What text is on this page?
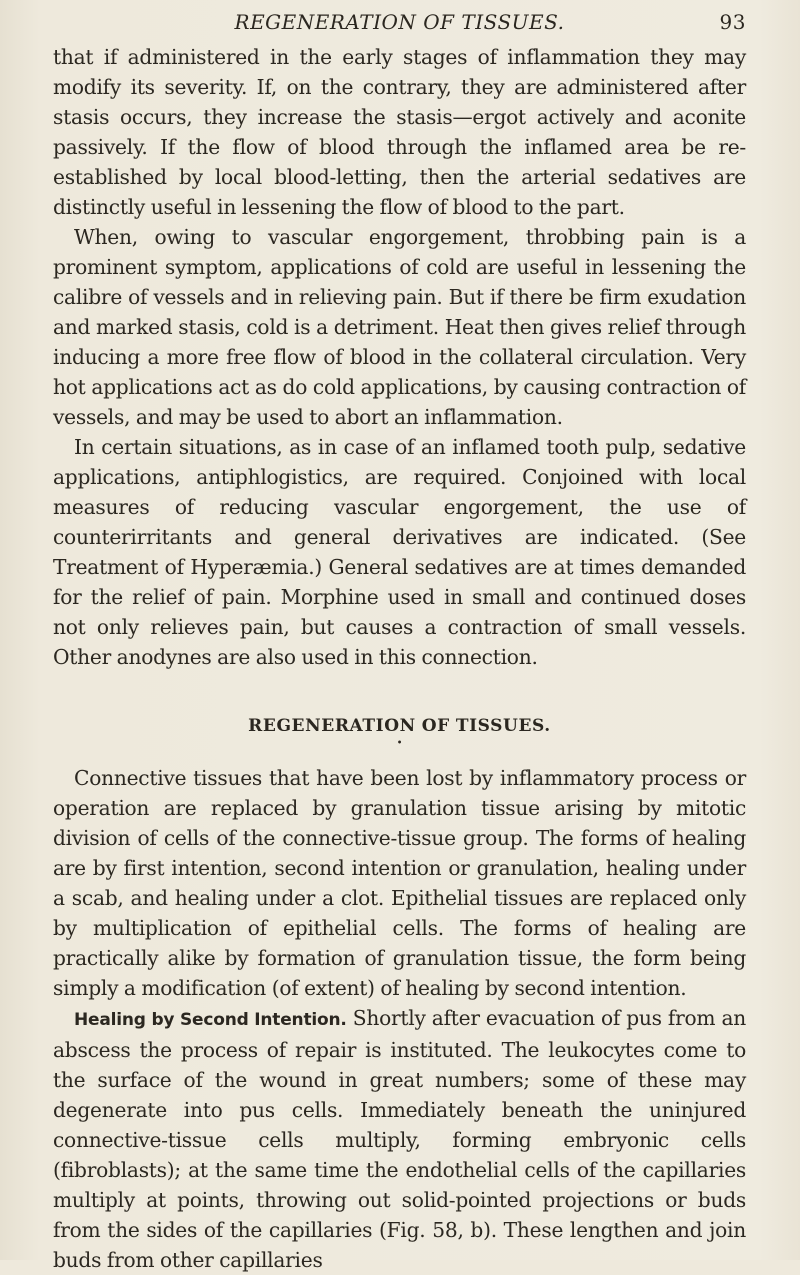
REGENERATION OF TISSUES.	93

that if administered in the early stages of inflammation they may modify its severity. If, on the contrary, they are administered after stasis occurs, they increase the stasis—ergot actively and aconite passively. If the flow of blood through the inflamed area be re-established by local blood-letting, then the arterial sedatives are distinctly useful in lessening the flow of blood to the part.

When, owing to vascular engorgement, throbbing pain is a prominent symptom, applications of cold are useful in lessening the calibre of vessels and in relieving pain. But if there be firm exudation and marked stasis, cold is a detriment. Heat then gives relief through inducing a more free flow of blood in the collateral circulation. Very hot applications act as do cold applications, by causing contraction of vessels, and may be used to abort an inflammation.

In certain situations, as in case of an inflamed tooth pulp, sedative applications, antiphlogistics, are required. Conjoined with local measures of reducing vascular engorgement, the use of counterirritants and general derivatives are indicated. (See Treatment of Hyperæmia.) General sedatives are at times demanded for the relief of pain. Morphine used in small and continued doses not only relieves pain, but causes a contraction of small vessels. Other anodynes are also used in this connection.

REGENERATION OF TISSUES.
•

Connective tissues that have been lost by inflammatory process or operation are replaced by granulation tissue arising by mitotic division of cells of the connective-tissue group. The forms of healing are by first intention, second intention or granulation, healing under a scab, and healing under a clot. Epithelial tissues are replaced only by multiplication of epithelial cells. The forms of healing are practically alike by formation of granulation tissue, the form being simply a modification (of extent) of healing by second intention.

Healing by Second Intention. Shortly after evacuation of pus from an abscess the process of repair is instituted. The leukocytes come to the surface of the wound in great numbers; some of these may degenerate into pus cells. Immediately beneath the uninjured connective-tissue cells multiply, forming embryonic cells (fibroblasts); at the same time the endothelial cells of the capillaries multiply at points, throwing out solid-pointed projections or buds from the sides of the capillaries (Fig. 58, b). These lengthen and join buds from other capillaries
